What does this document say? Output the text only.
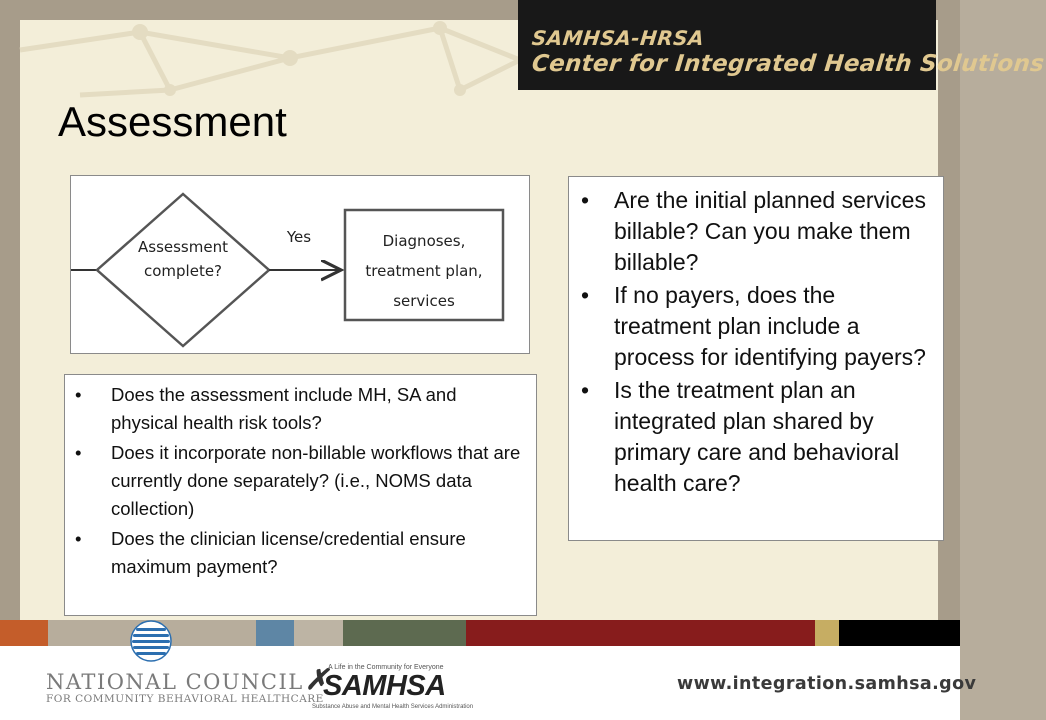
SAMHSA-HRSA
Center for Integrated Health Solutions
Assessment
Assessment
complete?
Yes	Diagnoses,
treatment plan,
services
• Are the initial planned services billable? Can you make them billable?
• If no payers, does the treatment plan include a process for identifying payers?
• Is the treatment plan an integrated plan shared by primary care and behavioral health care?
• Does the assessment include MH, SA and physical health risk tools?
• Does it incorporate non-billable workflows that are currently done separately? (i.e., NOMS data collection)
• Does the clinician license/credential ensure maximum payment?
NATIONAL COUNCIL
FOR COMMUNITY BEHAVIORAL HEALTHCARE
A Life in the Community for Everyone
✗
SAMHSA
Substance Abuse and Mental Health Services Administration
www.integration.samhsa.gov
